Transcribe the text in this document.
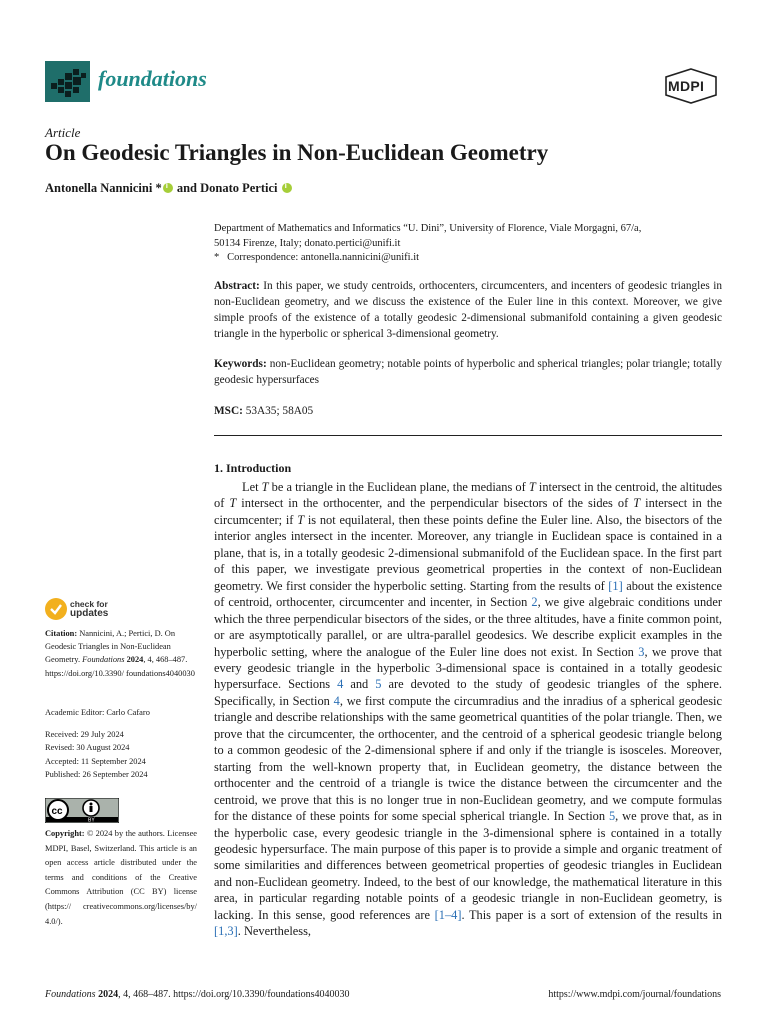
foundations	MDPI
Article
On Geodesic Triangles in Non-Euclidean Geometry
Antonella Nannicini *i and Donato Pertici i
Department of Mathematics and Informatics “U. Dini”, University of Florence, Viale Morgagni, 67/a,
50134 Firenze, Italy; donato.pertici@unifi.it
*   Correspondence: antonella.nannicini@unifi.it
Abstract: In this paper, we study centroids, orthocenters, circumcenters, and incenters of geodesic triangles in non-Euclidean geometry, and we discuss the existence of the Euler line in this context. Moreover, we give simple proofs of the existence of a totally geodesic 2-dimensional submanifold containing a given geodesic triangle in the hyperbolic or spherical 3-dimensional geometry.
Keywords: non-Euclidean geometry; notable points of hyperbolic and spherical triangles; polar triangle; totally geodesic hypersurfaces
MSC: 53A35; 58A05
1. Introduction

Let T be a triangle in the Euclidean plane, the medians of T intersect in the centroid, the altitudes of T intersect in the orthocenter, and the perpendicular bisectors of the sides of T intersect in the circumcenter; if T is not equilateral, then these points define the Euler line. Also, the bisectors of the interior angles intersect in the incenter. Moreover, any triangle in Euclidean space is contained in a plane, that is, in a totally geodesic 2-dimensional submanifold of the Euclidean space. In the first part of this paper, we investigate previous geometrical properties in the context of non-Euclidean geometry. We first consider the hyperbolic setting. Starting from the results of [1] about the existence of centroid, orthocenter, circumcenter and incenter, in Section 2, we give algebraic conditions under which the three perpendicular bisectors of the sides, or the three altitudes, have a finite common point, or are asymptotically parallel, or are ultra-parallel geodesics. We describe explicit examples in the hyperbolic setting, where the analogue of the Euler line does not exist. In Section 3, we prove that every geodesic triangle in the hyperbolic 3-dimensional space is contained in a totally geodesic hypersurface. Sections 4 and 5 are devoted to the study of geodesic triangles of the sphere. Specifically, in Section 4, we first compute the circumradius and the inradius of a spherical geodesic triangle and describe relationships with the same geometrical quantities of the polar triangle. Then, we prove that the circumcenter, the orthocenter, and the centroid of a spherical geodesic triangle belong to a common geodesic of the 2-dimensional sphere if and only if the triangle is isosceles. Moreover, starting from the well-known property that, in Euclidean geometry, the distance between the orthocenter and the centroid of a triangle is twice the distance between the circumcenter and the centroid, we prove that this is no longer true in non-Euclidean geometry, and we compute formulas for the distance of these points for some special spherical triangle. In Section 5, we prove that, as in the hyperbolic case, every geodesic triangle in the 3-dimensional sphere is contained in a totally geodesic hypersurface. The main purpose of this paper is to provide a simple and organic treatment of some similarities and differences between geometrical properties of geodesic triangles in Euclidean and non-Euclidean geometry. Indeed, to the best of our knowledge, the mathematical literature in this area, in particular regarding notable points of a geodesic triangle in non-Euclidean geometry, is lacking. In this sense, good references are [1–4]. This paper is a sort of extension of the results in [1,3]. Nevertheless,

check for
updates
Citation: Nannicini, A.; Pertici, D. On Geodesic Triangles in Non-Euclidean Geometry. Foundations 2024, 4, 468–487. https://doi.org/10.3390/ foundations4040030
Academic Editor: Carlo Cafaro
Received: 29 July 2024
Revised: 30 August 2024
Accepted: 11 September 2024
Published: 26 September 2024
cc
BY
Copyright: © 2024 by the authors. Licensee MDPI, Basel, Switzerland. This article is an open access article distributed under the terms and conditions of the Creative Commons Attribution (CC BY) license (https:// creativecommons.org/licenses/by/ 4.0/).
Foundations 2024, 4, 468–487. https://doi.org/10.3390/foundations4040030	https://www.mdpi.com/journal/foundations
